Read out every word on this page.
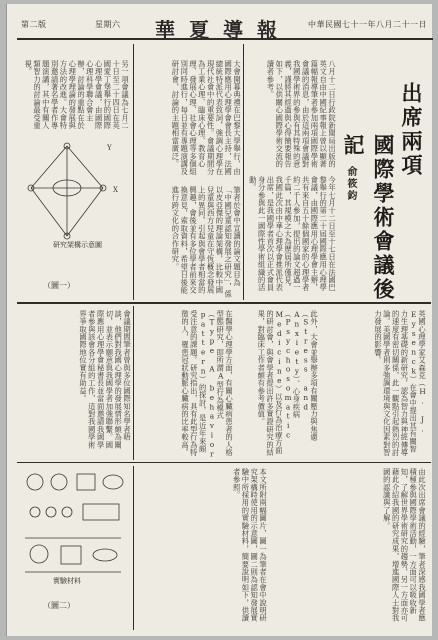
中華民國七十一年八月二十一日
華夏導報
星期六
第二版
出席兩項
國際學術會議後記
俞筱鈞
八月十二日行政院新聞局出版的英文自由中國紀事報上曾以顯著篇幅報導筆者參加兩項國際學術會議的消息，由於這兩項會議對我國學術界的參與有其特殊的意義，謹將其經過與心得簡要報告如下，以供關心國際學術交流的讀者參考。
今年七月十二日至十七日在法國巴黎舉行的第二十屆國際應用心理學會議，由國際應用心理學會主辦，共有來自五十餘個國家的心理學者約二千人參加，提出的論文超過一千篇，其規模之大為歷屆所僅見。我國此次由中華心理學會推派代表出席，是我國學者首次以正式會員身分參與此一國際性學術組織的活動。
大會開幕典禮在巴黎大學舉行，由國際應用心理學會會長主持，法國總統特派代表致詞，強調心理學在現代社會中的重要性。會議期間分為工業心理、臨床心理、教育心理、發展心理、社會心理等多個組別同時進行，每日並有專題演講及研討會，討論的主題相當廣泛。
筆者於會中宣讀的論文題目為「中國兒童認知發展之研究」，係以皮亞傑的理論架構，比較中國兒童與西方兒童在守恆概念發展上的異同，引起與會學者相當的興趣，會後並有多位學者前來交換意見，索取資料，希望日後能進行跨文化的合作研究。
另一項會議為七月二十日至二十四日在英國愛丁堡舉行的國際心理學會議，由國際心理科學聯合會主辦，討論的重點在於心理學理論的發展與方法的改進。大會特別邀請著名學者作專題演講，其中有關人類智力的討論最受重視。
Y
X
研究架構示意圖
（圖一）
英國心理學家艾森克（H. J. Eysenck）在會中提出其有關智力生理基礎的新研究，認為智力與神經傳導的速度有密切關係，此一觀點引起熱烈的討論。美國學者則多強調環境與文化因素對智力發展的影響。
此外，大會並舉辦多項有關壓力與焦慮（Stress and Anxiety）、心身疾病（Psychosomatic Medicine）以及行為治療方面的研討會，與會學者提出許多實證研究的結果，對臨床工作者頗有參考價值。
在醫學心理學方面，有關心臟病患者的人格型態研究，即所謂A型行為模式（Type A behavior pattern）的探討，是近年來頗受注意的課題。研究指出，具有此型行為特徵的人，罹患冠狀動脈心臟病的比率較高。
會議期間筆者曾與多位國際知名學者晤談，他們對我國心理學的發展情形頗為關切，並表示願意與我國學者加強聯繫。國際應用心理學會秘書長並當面邀請我國學者參與該會各分組的工作，這對我國學術界爭取國際地位實有助益。
由此次出席會議的經驗，筆者深感我國學者應積極參與國際學術活動，一方面可以吸收新知，了解世界學術研究的趨勢，另一方面亦可藉此介紹我國的研究成果，增進國際人士對我國的認識與了解。
本文所附兩幅圖片，圖一為筆者在會中說明研究架構時使用的示意圖，圖二則為認知發展實驗中所採用的實驗材料，簡要說明如下，供讀者參照。
實驗材料
（圖二）
